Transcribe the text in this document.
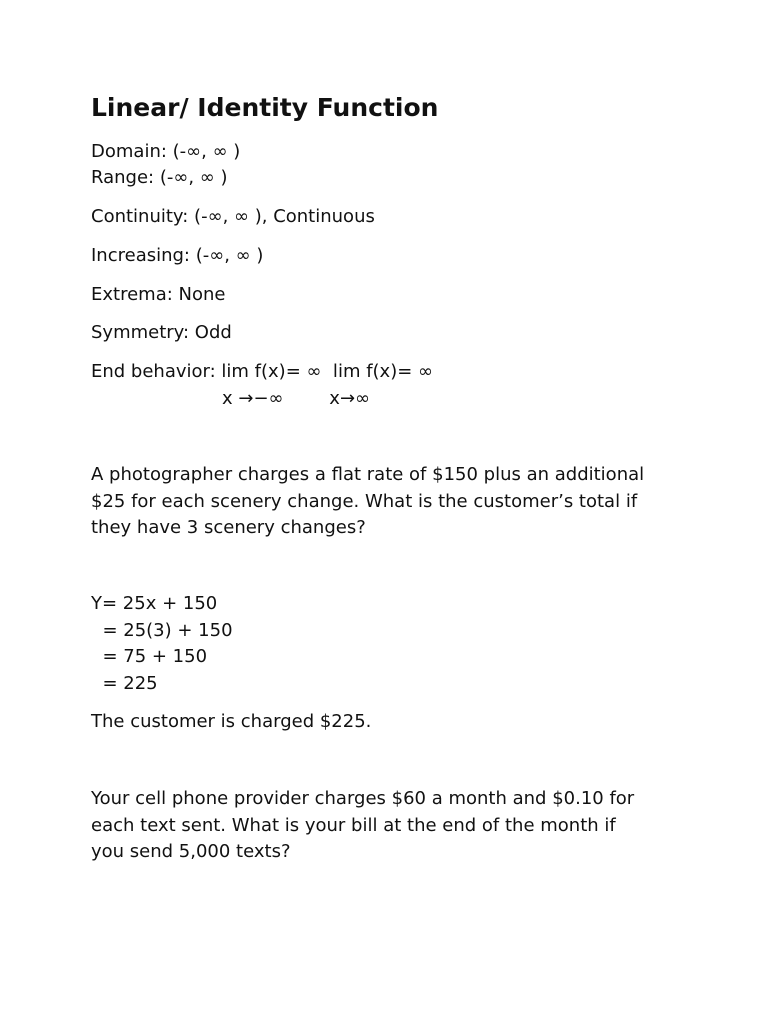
Linear/ Identity Function

Domain: (-∞, ∞ )

Range: (-∞, ∞ )

Continuity: (-∞, ∞ ), Continuous

Increasing: (-∞, ∞ )

Extrema: None

Symmetry: Odd

End behavior: lim f(x)= ∞  lim f(x)= ∞

x →−∞        x→∞

A photographer charges a flat rate of $150 plus an additional
$25 for each scenery change. What is the customer’s total if
they have 3 scenery changes?
Y= 25x + 150
= 25(3) + 150
= 75 + 150
= 225

The customer is charged $225.

Your cell phone provider charges $60 a month and $0.10 for
each text sent. What is your bill at the end of the month if
you send 5,000 texts?
